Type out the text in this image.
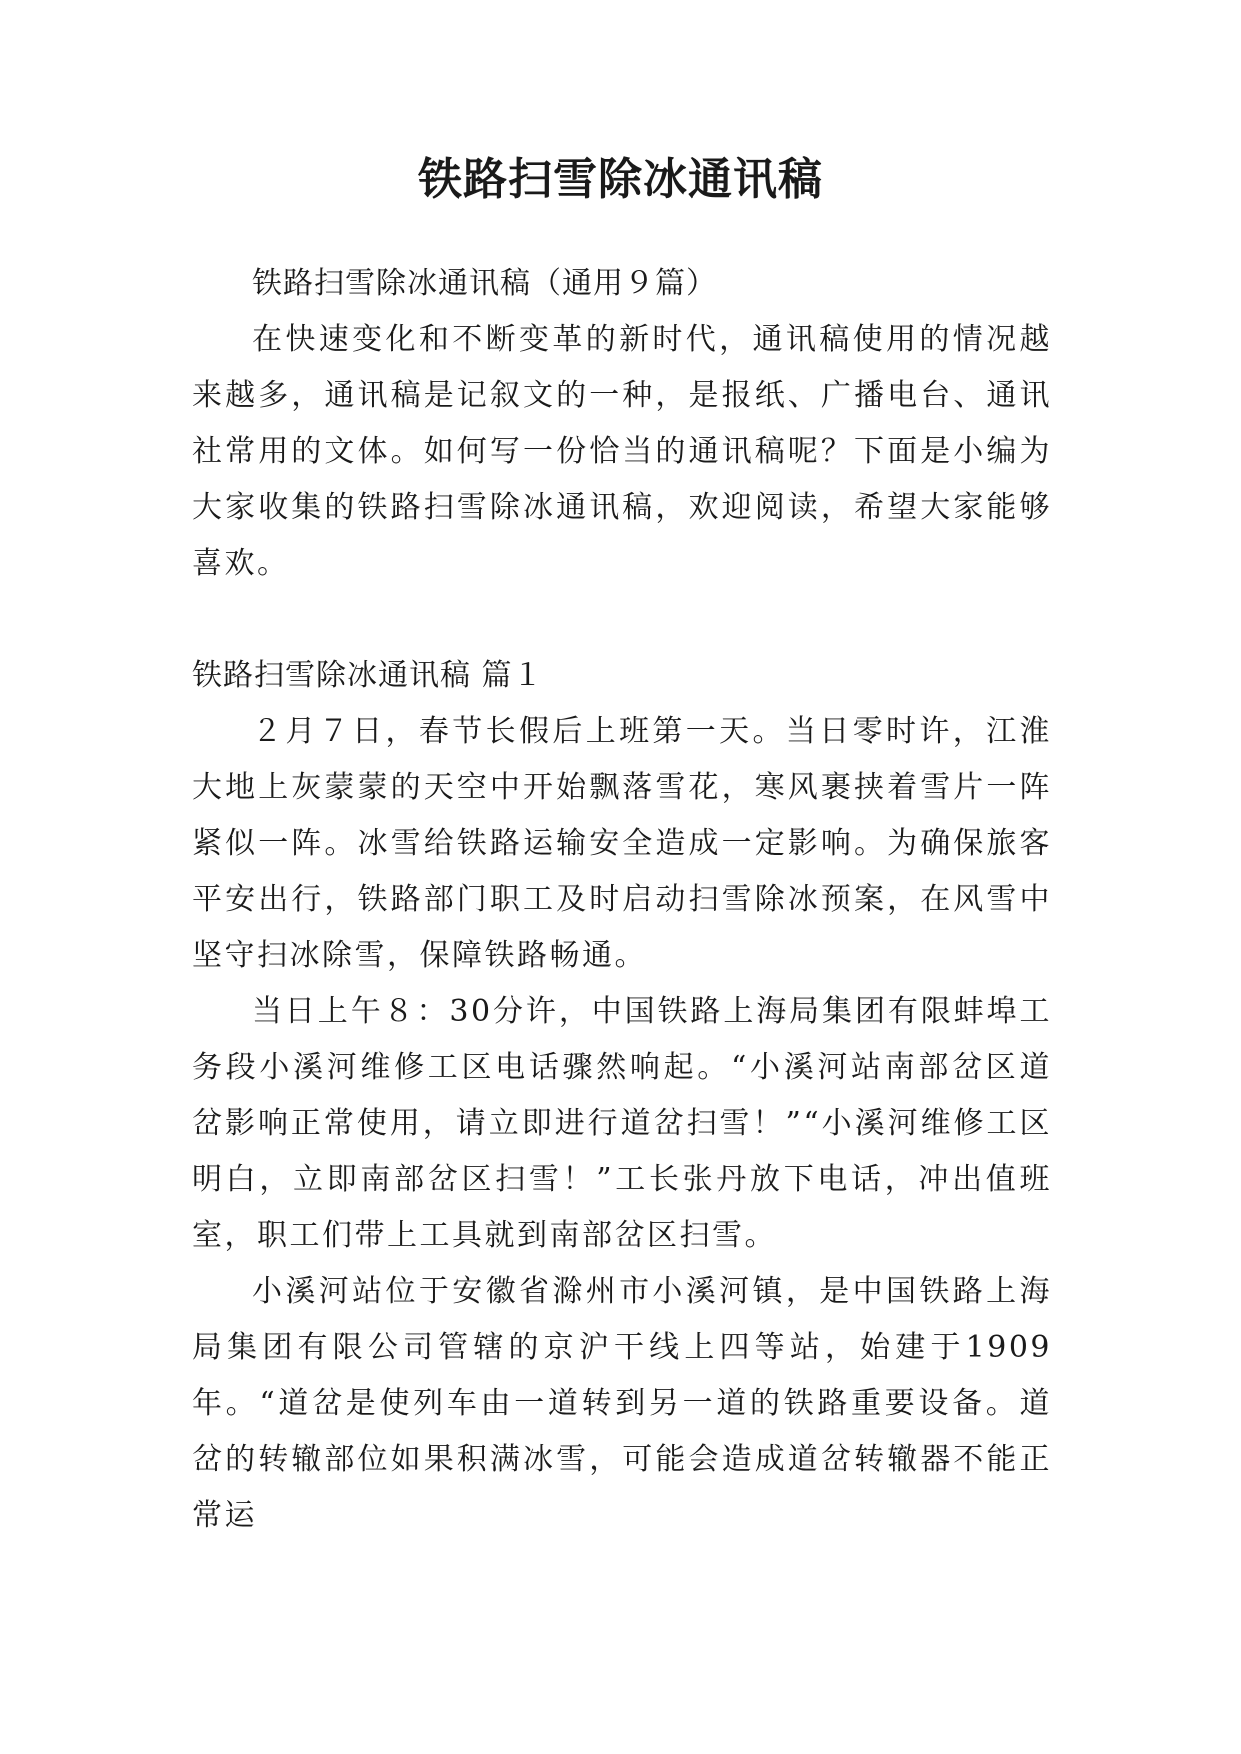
铁路扫雪除冰通讯稿

铁路扫雪除冰通讯稿（通用９篇）

在快速变化和不断变革的新时代，通讯稿使用的情况越来越多，通讯稿是记叙文的一种，是报纸、广播电台、通讯社常用的文体。如何写一份恰当的通讯稿呢？下面是小编为大家收集的铁路扫雪除冰通讯稿，欢迎阅读，希望大家能够喜欢。

铁路扫雪除冰通讯稿 篇１

２月７日，春节长假后上班第一天。当日零时许，江淮大地上灰蒙蒙的天空中开始飘落雪花，寒风裹挟着雪片一阵紧似一阵。冰雪给铁路运输安全造成一定影响。为确保旅客平安出行，铁路部门职工及时启动扫雪除冰预案，在风雪中坚守扫冰除雪，保障铁路畅通。

当日上午８：30分许，中国铁路上海局集团有限蚌埠工务段小溪河维修工区电话骤然响起。“小溪河站南部岔区道岔影响正常使用，请立即进行道岔扫雪！”“小溪河维修工区明白，立即南部岔区扫雪！”工长张丹放下电话，冲出值班室，职工们带上工具就到南部岔区扫雪。

小溪河站位于安徽省滁州市小溪河镇，是中国铁路上海局集团有限公司管辖的京沪干线上四等站，始建于1909年。“道岔是使列车由一道转到另一道的铁路重要设备。道岔的转辙部位如果积满冰雪，可能会造成道岔转辙器不能正常运
